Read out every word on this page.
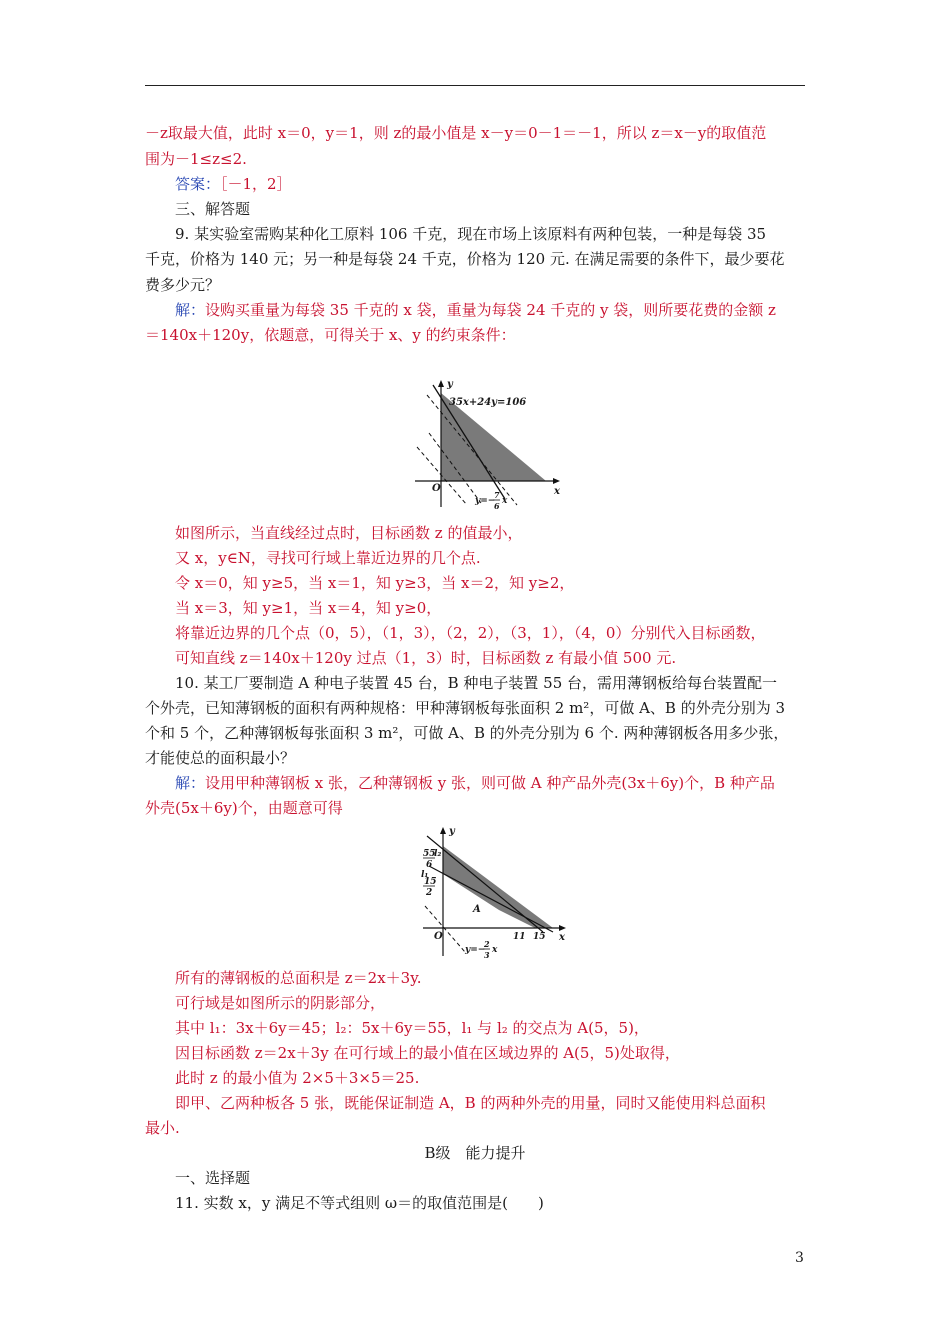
－z取最大值，此时 x＝0，y＝1，则 z的最小值是 x－y＝0－1＝－1，所以 z＝x－y的取值范
围为－1≤z≤2.
答案：［－1，2］
三、解答题
9. 某实验室需购某种化工原料 106 千克，现在市场上该原料有两种包装，一种是每袋 35
千克，价格为 140 元；另一种是每袋 24 千克，价格为 120 元. 在满足需要的条件下，最少要花
费多少元？
解：设购买重量为每袋 35 千克的 x 袋，重量为每袋 24 千克的 y 袋，则所要花费的金额 z
＝140x＋120y，依题意，可得关于 x、y 的约束条件：
y
x
O
35x+24y=106
y=−
7
6 x
如图所示，当直线经过点时，目标函数 z 的值最小，
又 x，y∈N，寻找可行域上靠近边界的几个点.
令 x＝0，知 y≥5，当 x＝1，知 y≥3，当 x＝2，知 y≥2，
当 x＝3，知 y≥1，当 x＝4，知 y≥0，
将靠近边界的几个点（0，5），（1，3），（2，2），（3，1），（4，0）分别代入目标函数，
可知直线 z＝140x＋120y 过点（1，3）时，目标函数 z 有最小值 500 元.
10. 某工厂要制造 A 种电子装置 45 台，B 种电子装置 55 台，需用薄钢板给每台装置配一
个外壳，已知薄钢板的面积有两种规格：甲种薄钢板每张面积 2 m²，可做 A、B 的外壳分别为 3
个和 5 个，乙种薄钢板每张面积 3 m²，可做 A、B 的外壳分别为 6 个. 两种薄钢板各用多少张，
才能使总的面积最小？
解：设用甲种薄钢板 x 张，乙种薄钢板 y 张，则可做 A 种产品外壳(3x＋6y)个，B 种产品
外壳(5x＋6y)个，由题意可得
y
x
O
55
l₂
6
l₁
15
2
A
11 15
y=−
2
3 x
所有的薄钢板的总面积是 z＝2x＋3y.
可行域是如图所示的阴影部分，
其中 l₁：3x＋6y＝45；l₂：5x＋6y＝55，l₁ 与 l₂ 的交点为 A(5，5)，
因目标函数 z＝2x＋3y 在可行域上的最小值在区域边界的 A(5，5)处取得，
此时 z 的最小值为 2×5＋3×5＝25.
即甲、乙两种板各 5 张，既能保证制造 A，B 的两种外壳的用量，同时又能使用料总面积
最小.
B级　能力提升
一、选择题
11. 实数 x，y 满足不等式组则 ω＝的取值范围是(　　)
3
